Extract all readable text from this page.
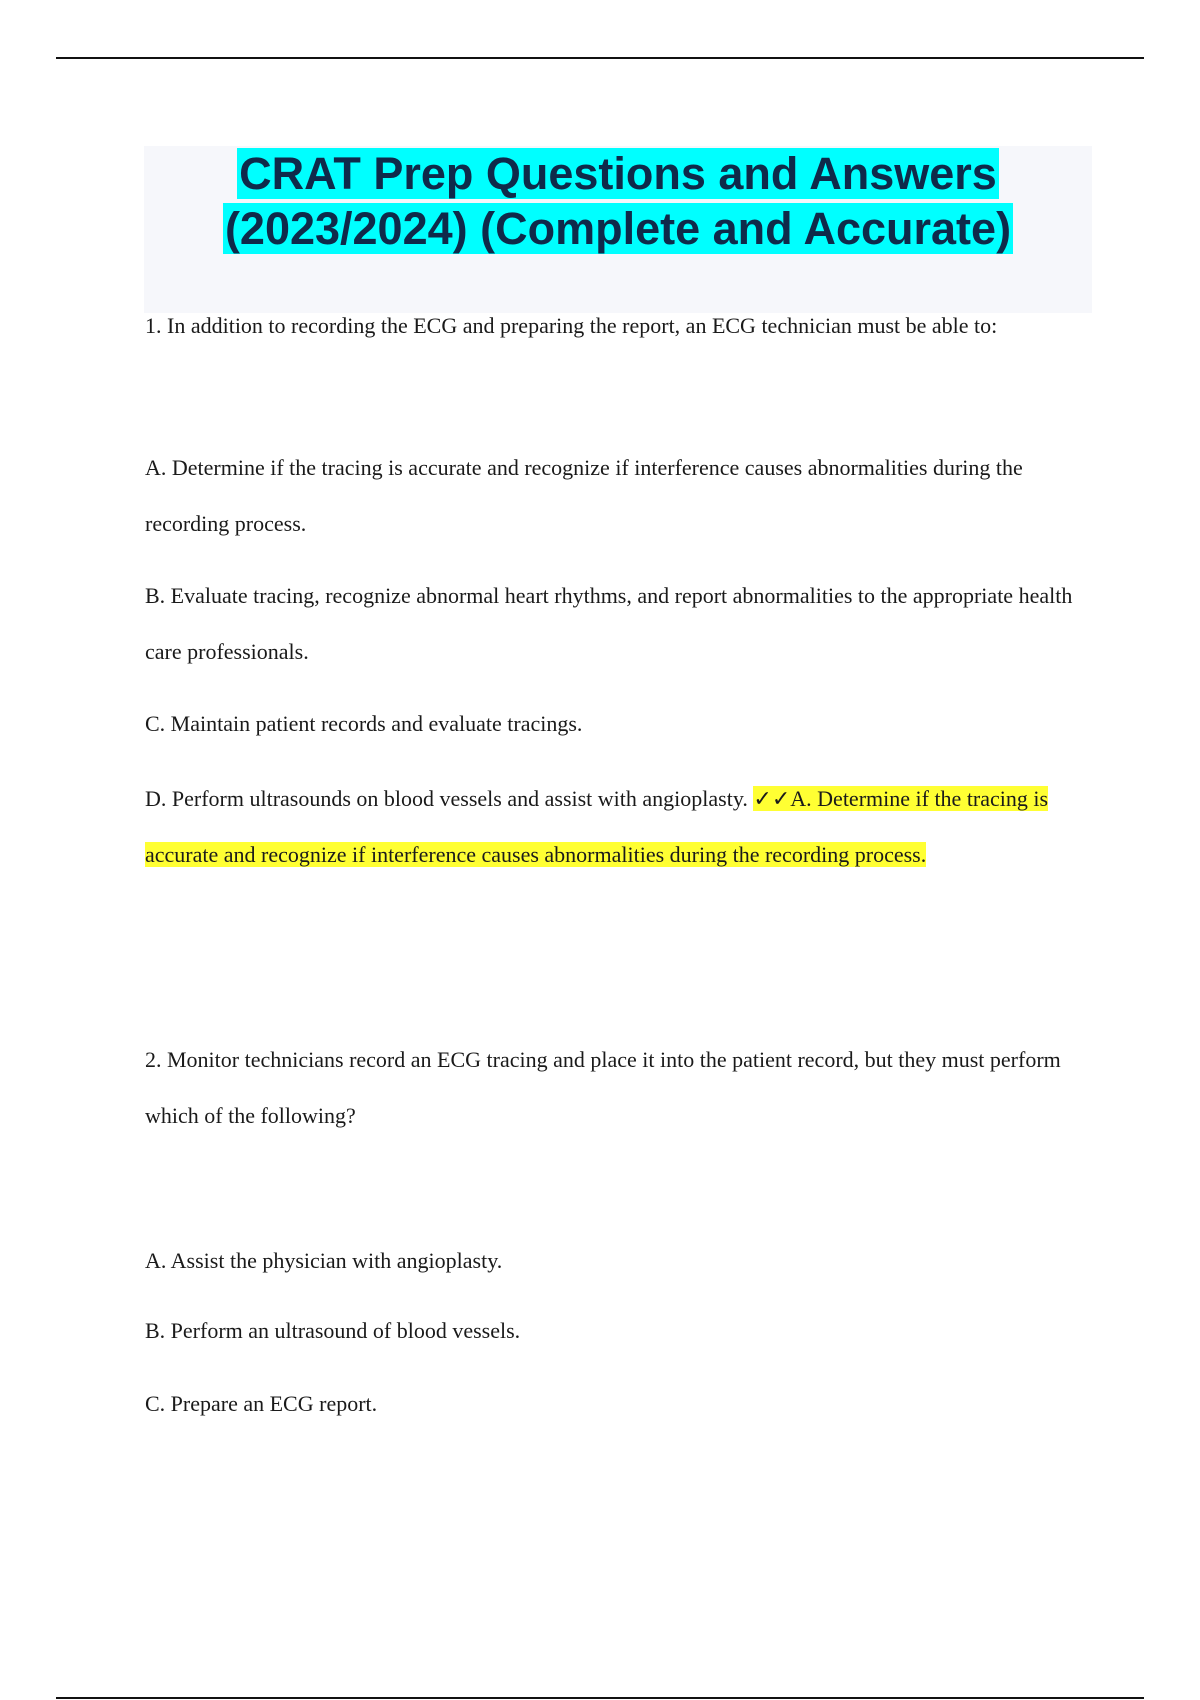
CRAT Prep Questions and Answers
(2023/2024) (Complete and Accurate)

1. In addition to recording the ECG and preparing the report, an ECG technician must be able to:

A. Determine if the tracing is accurate and recognize if interference causes abnormalities during the recording process.

B. Evaluate tracing, recognize abnormal heart rhythms, and report abnormalities to the appropriate health care professionals.

C. Maintain patient records and evaluate tracings.

D. Perform ultrasounds on blood vessels and assist with angioplasty. ✓✓A. Determine if the tracing is accurate and recognize if interference causes abnormalities during the recording process.

2. Monitor technicians record an ECG tracing and place it into the patient record, but they must perform which of the following?

A. Assist the physician with angioplasty.

B. Perform an ultrasound of blood vessels.

C. Prepare an ECG report.
